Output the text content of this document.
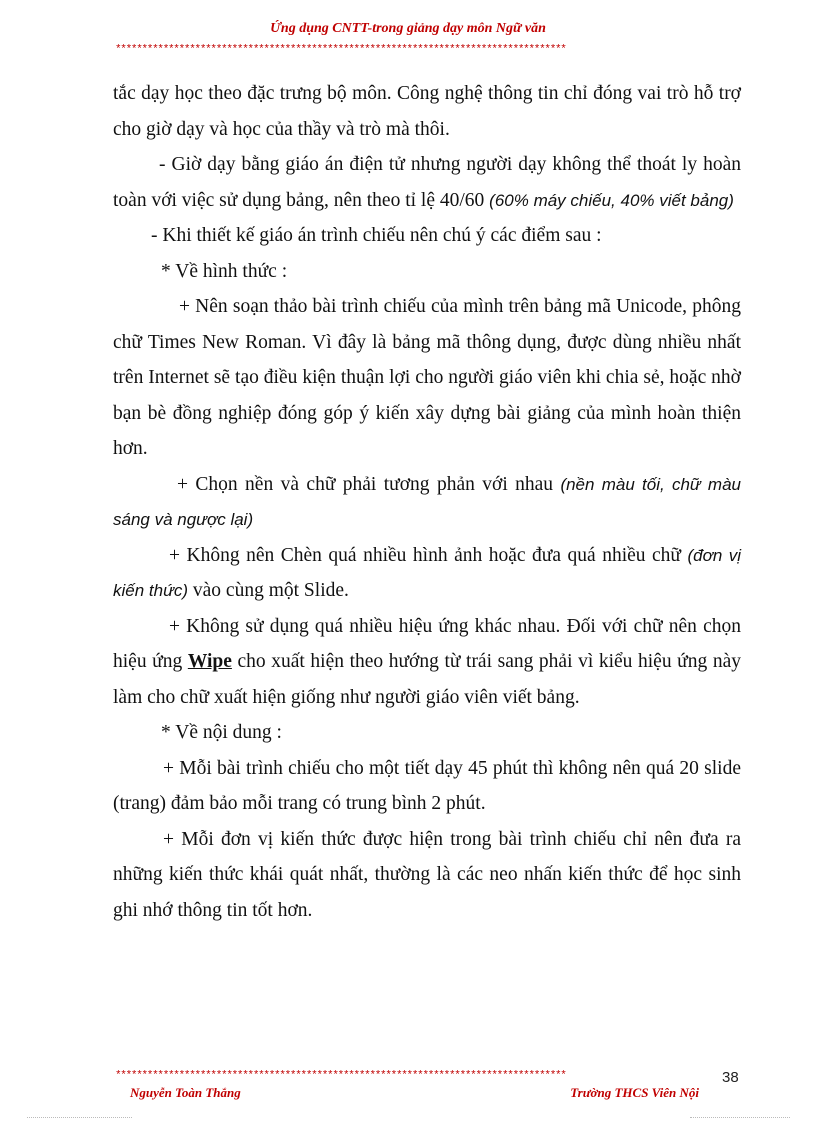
Ứng dụng CNTT-trong giảng dạy môn Ngữ văn
*************************************************************************************

tắc dạy học theo đặc trưng bộ môn. Công nghệ thông tin chỉ đóng vai trò hỗ trợ cho giờ dạy và học của thầy và trò mà thôi.

- Giờ dạy bằng giáo án điện tử nhưng người dạy không thể thoát ly hoàn toàn với việc sử dụng bảng, nên theo tỉ lệ 40/60 (60% máy chiếu, 40% viết bảng)

- Khi thiết kế giáo án trình chiếu nên chú ý các điểm sau :

* Về hình thức :

+ Nên soạn thảo bài trình chiếu của mình trên bảng mã Unicode, phông chữ Times New Roman. Vì đây là bảng mã thông dụng, được dùng nhiều nhất trên Internet sẽ tạo điều kiện thuận lợi cho người giáo viên khi chia sẻ, hoặc nhờ bạn bè đồng nghiệp đóng góp ý kiến xây dựng bài giảng của mình hoàn thiện hơn.

+ Chọn nền và chữ phải tương phản với nhau (nền màu tối, chữ màu sáng và ngược lại)

+ Không nên Chèn quá nhiều hình ảnh hoặc đưa quá nhiều chữ (đơn vị kiến thức) vào cùng một Slide.

+ Không sử dụng quá nhiều hiệu ứng khác nhau. Đối với chữ nên chọn hiệu ứng Wipe cho xuất hiện theo hướng từ trái sang phải vì kiểu hiệu ứng này làm cho chữ xuất hiện giống như người giáo viên viết bảng.

* Về nội dung :

+ Mỗi bài trình chiếu cho một tiết dạy 45 phút thì không nên quá 20 slide (trang) đảm bảo mỗi trang có trung bình 2 phút.

+ Mỗi đơn vị kiến thức được hiện trong bài trình chiếu chỉ nên đưa ra những kiến thức khái quát nhất, thường là các neo nhấn kiến thức để học sinh ghi nhớ thông tin tốt hơn.

*************************************************************************************	38
Nguyễn Toàn Thắng	Trường THCS Viên Nội
